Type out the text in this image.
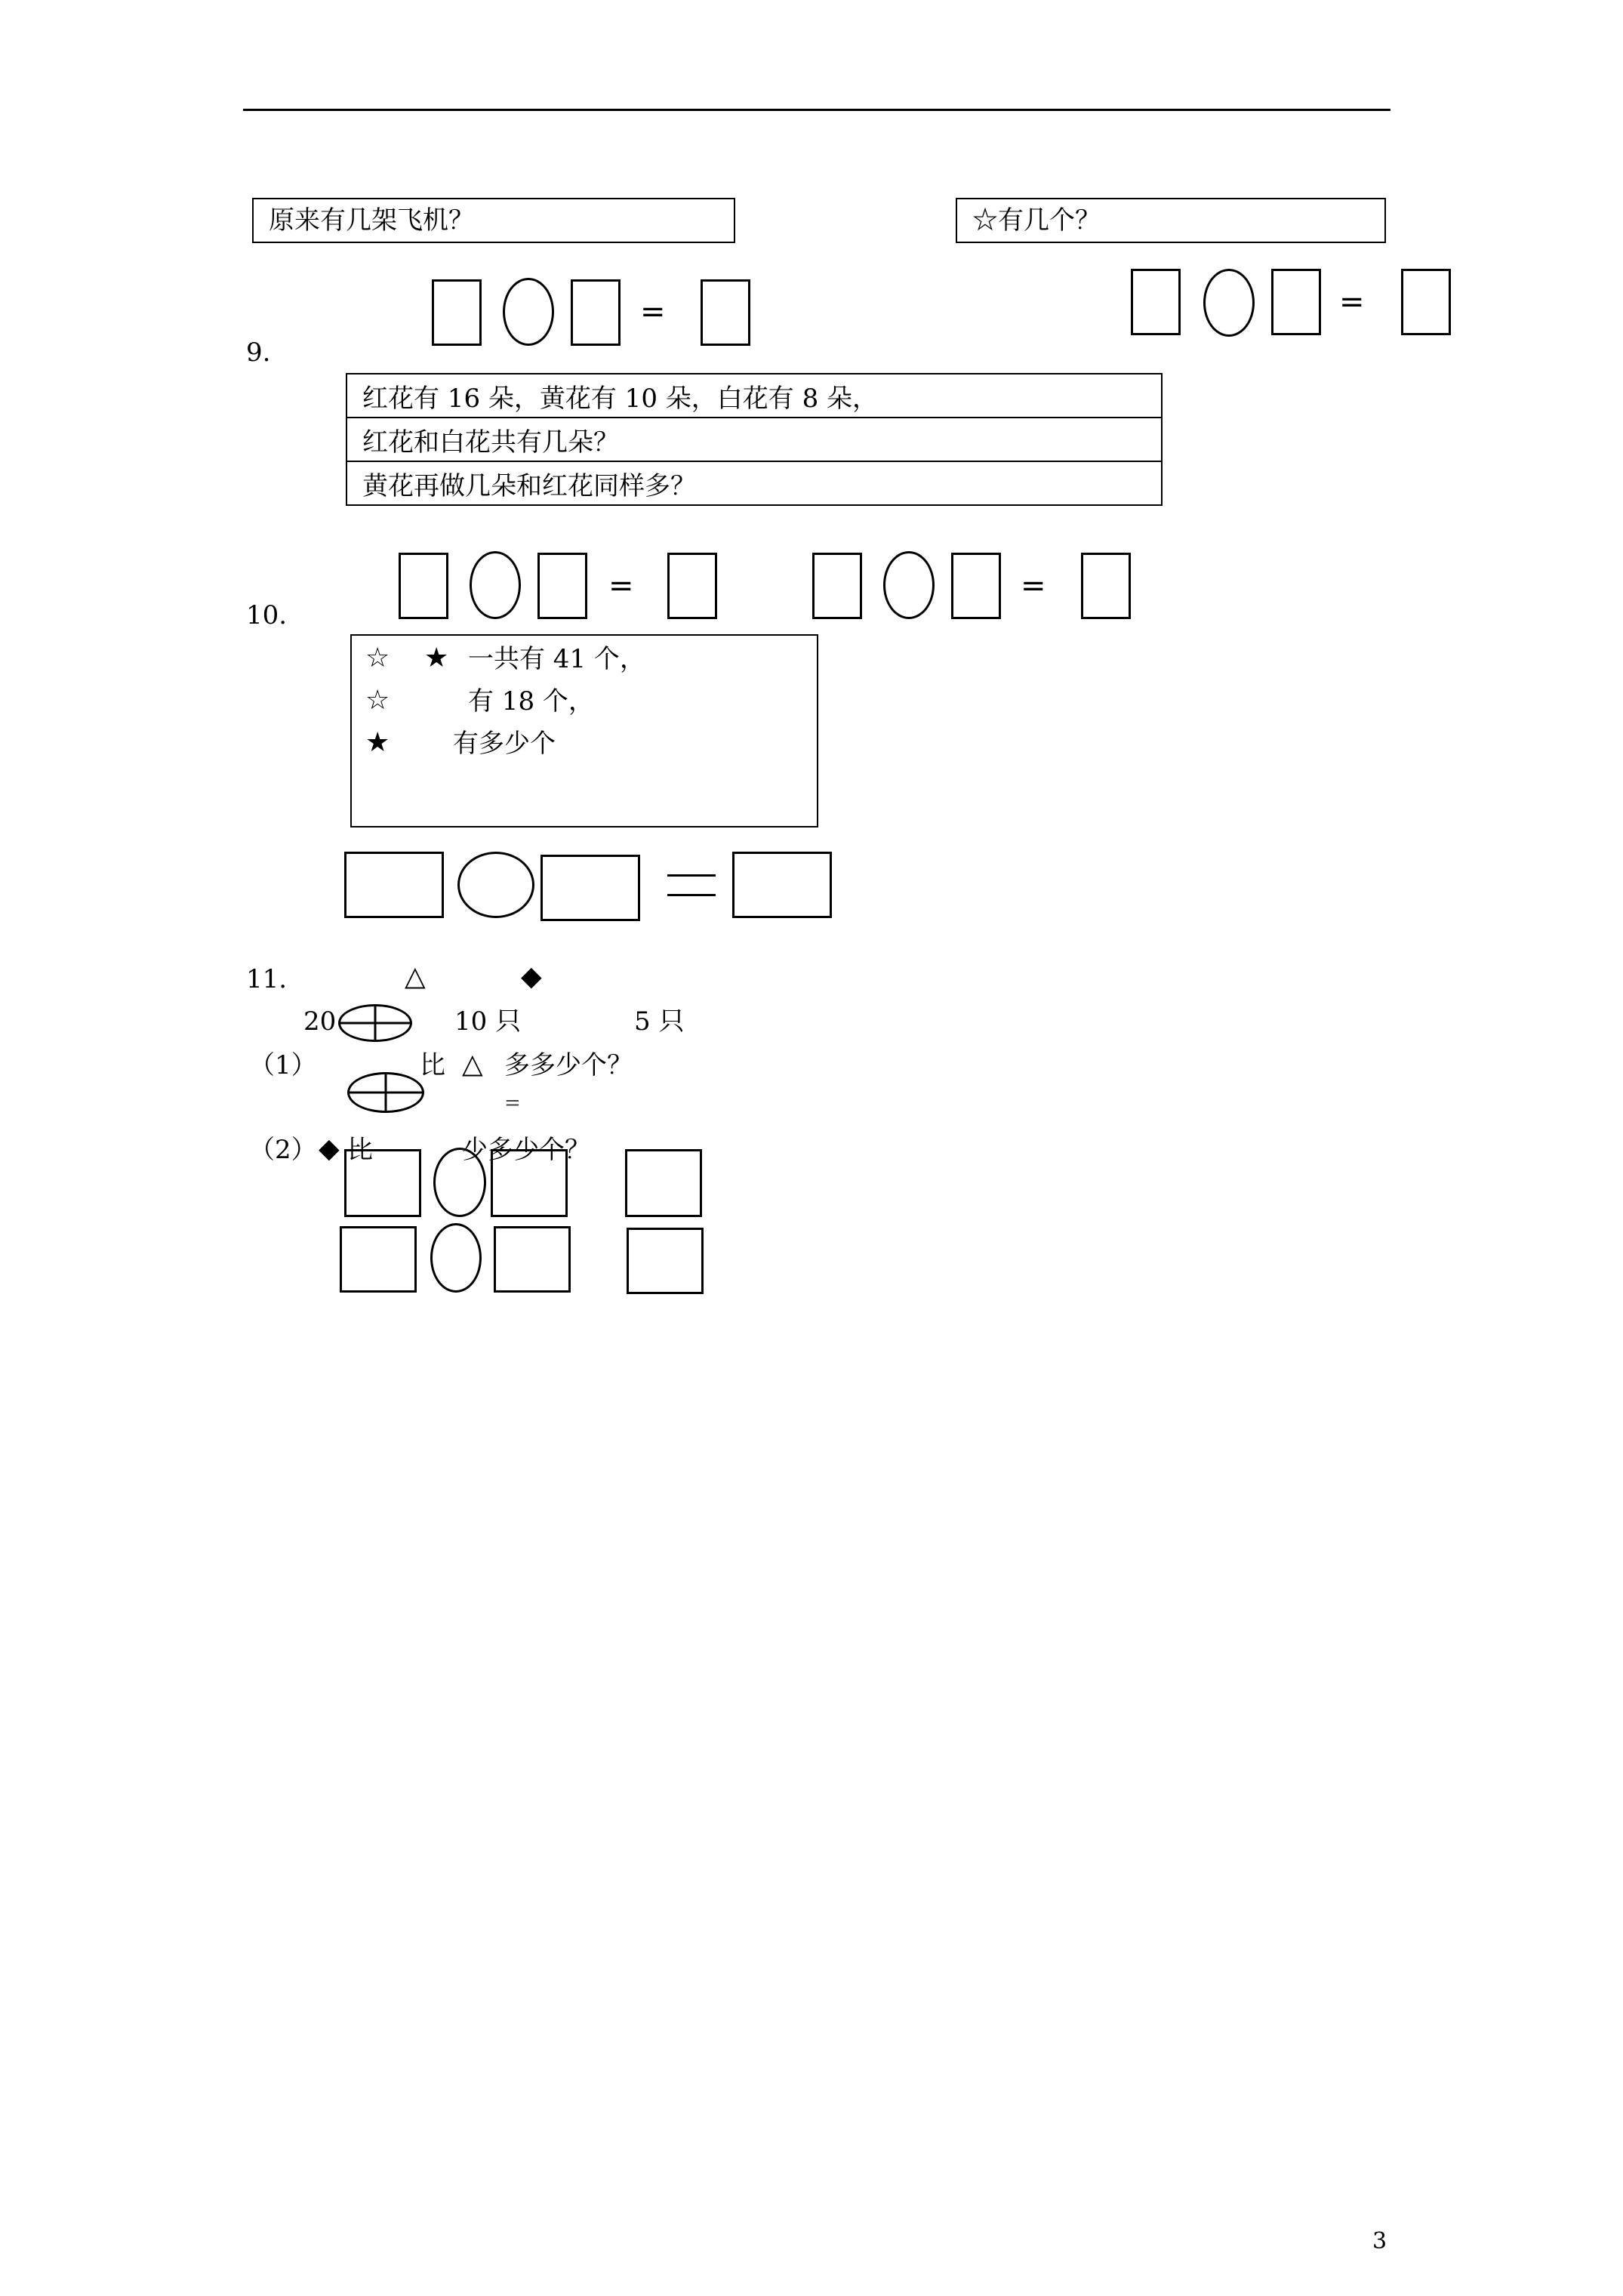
原来有几架飞机？	☆有几个？
=	=
9.
红花有 16 朵，黄花有 10 朵，白花有 8 朵，
红花和白花共有几朵？
黄花再做几朵和红花同样多？
10.
=	=
☆ ★ 一共有 41 个，
☆	有 18 个，
★ 有多少个
11.	△	◆
20	10 只	5 只
（1）	比 △ 多多少个？
=
（2） ◆ 比	少多少个？
3
